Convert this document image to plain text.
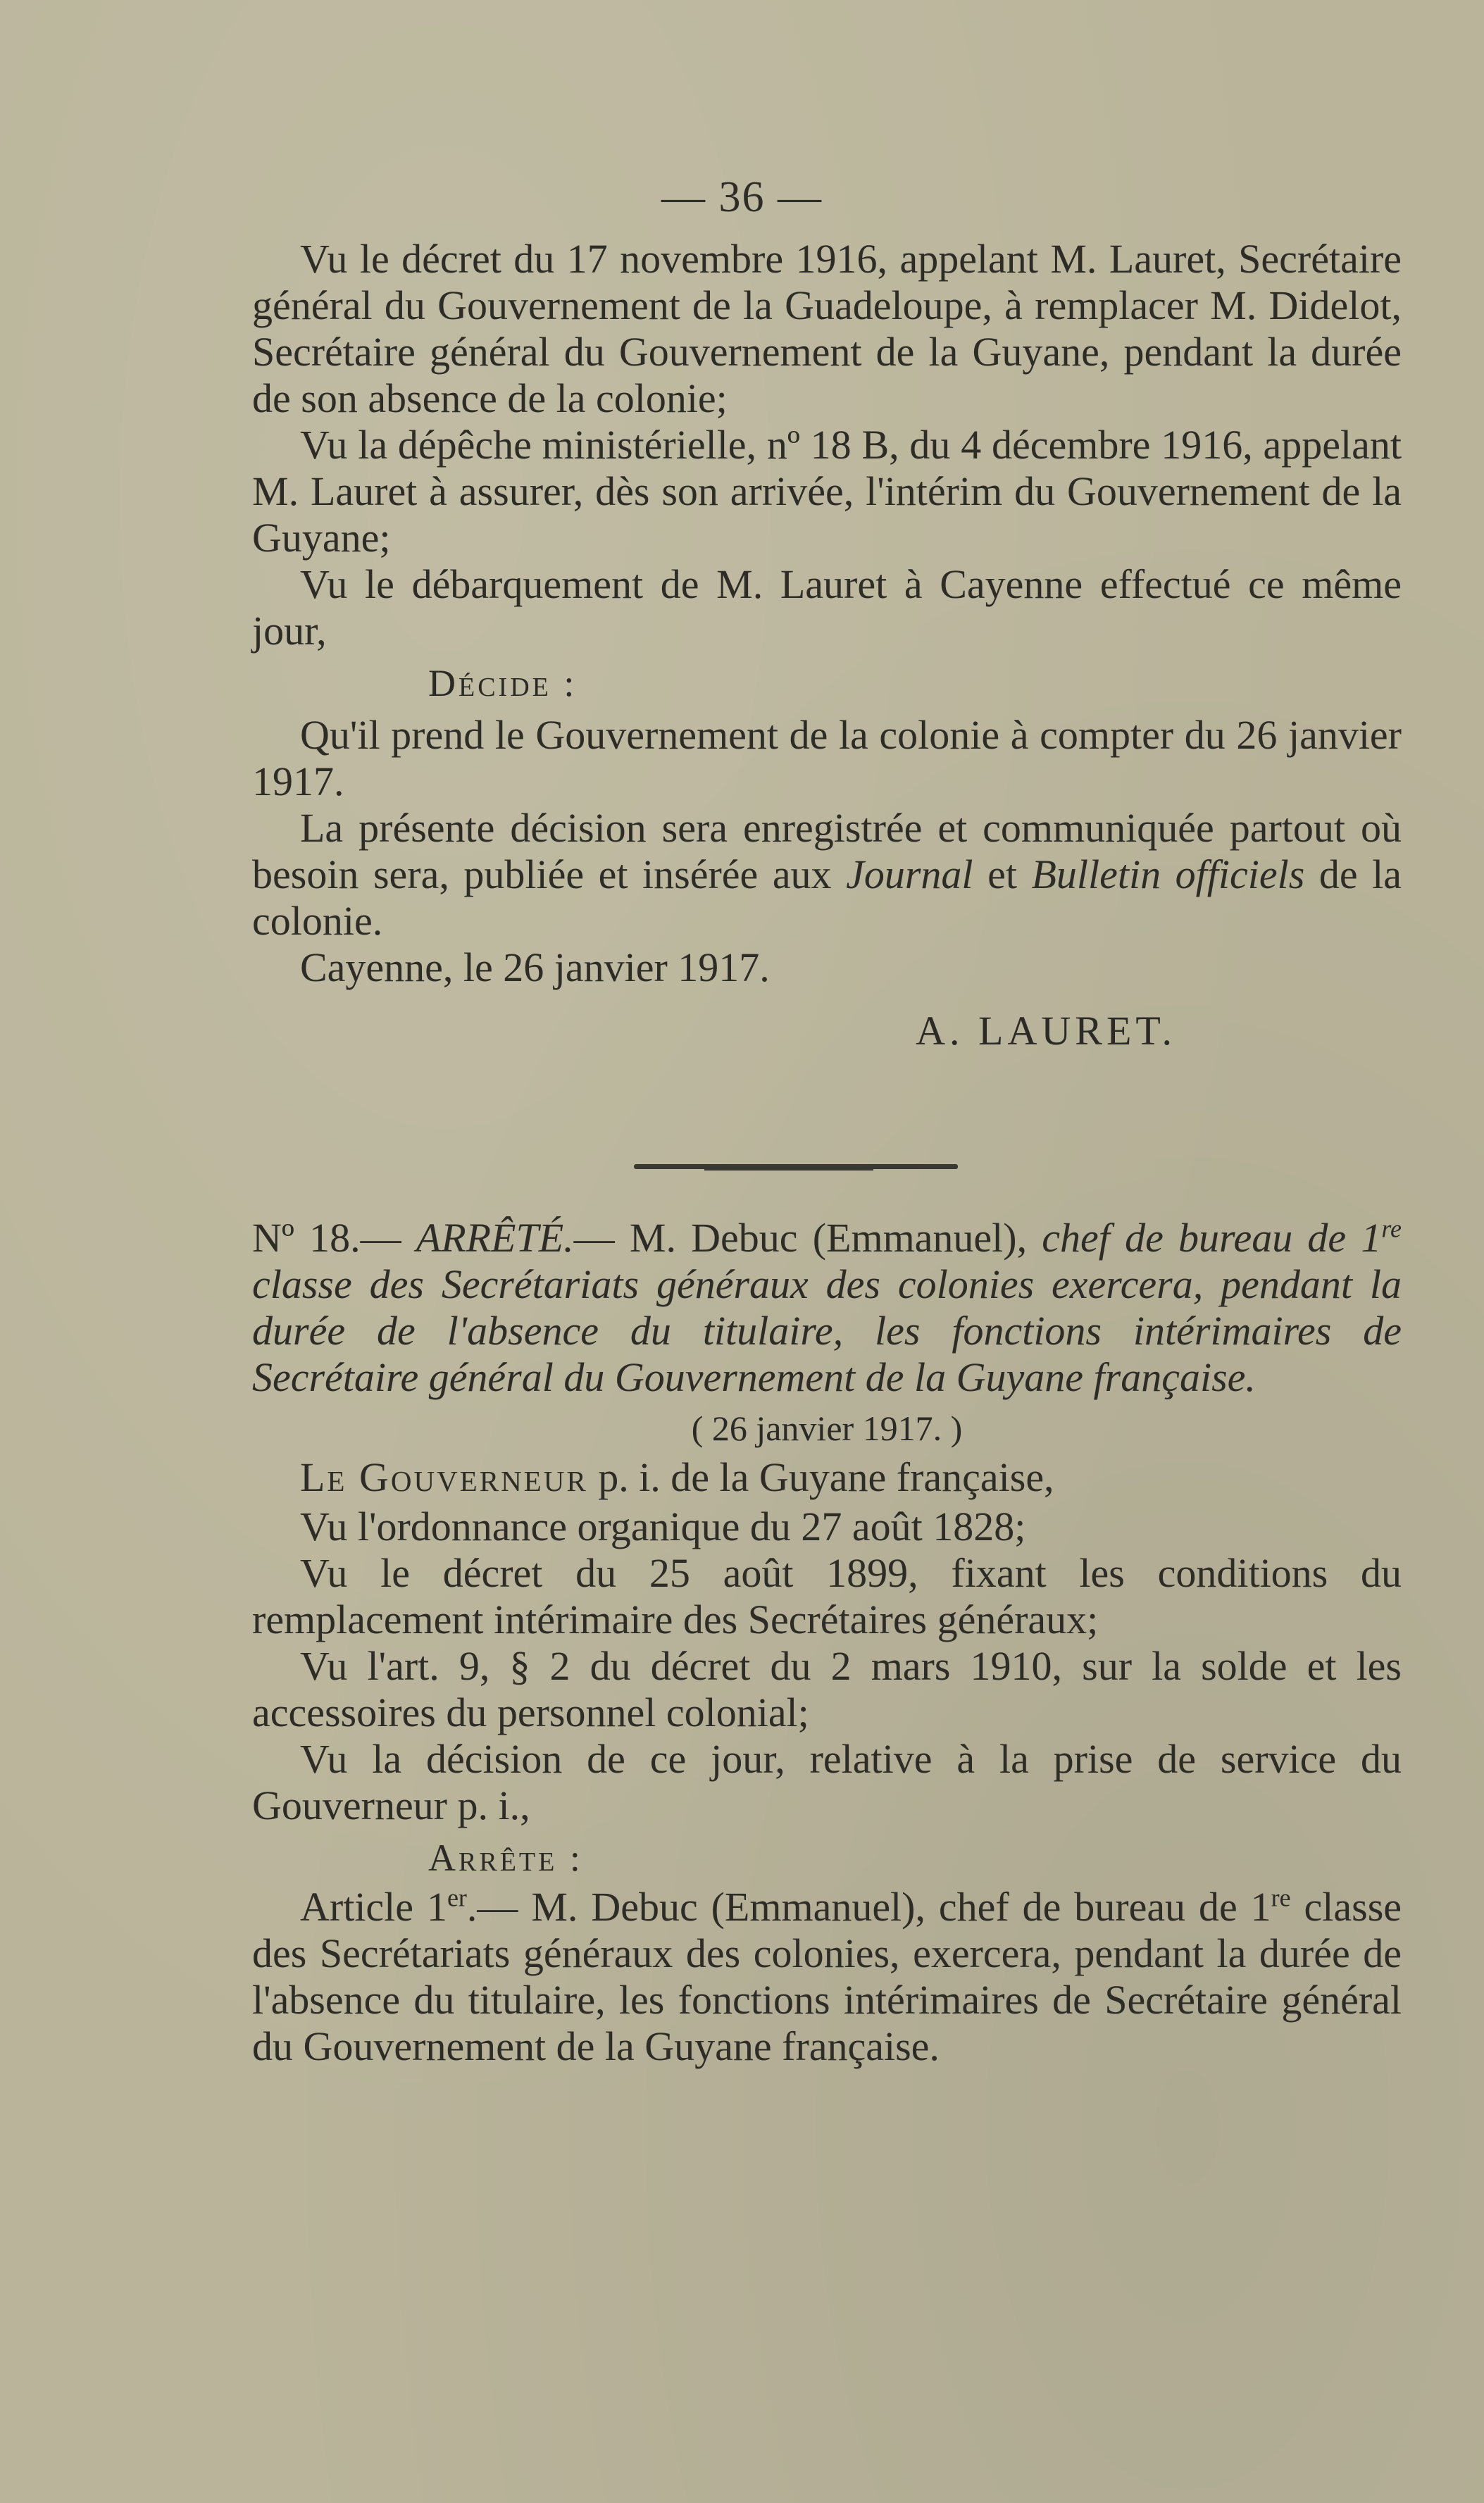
— 36 —

Vu le décret du 17 novembre 1916, appelant M. Lauret, Secrétaire général du Gouvernement de la Guadeloupe, à remplacer M. Didelot, Secrétaire général du Gouvernement de la Guyane, pendant la durée de son absence de la colonie;

Vu la dépêche ministérielle, nº 18 B, du 4 décembre 1916, appelant M. Lauret à assurer, dès son arrivée, l'intérim du Gouvernement de la Guyane;

Vu le débarquement de M. Lauret à Cayenne effectué ce même jour,

Décide :

Qu'il prend le Gouvernement de la colonie à compter du 26 janvier 1917.

La présente décision sera enregistrée et communiquée partout où besoin sera, publiée et insérée aux Journal et Bulletin officiels de la colonie.

Cayenne, le 26 janvier 1917.

A. LAURET.

Nº 18.— ARRÊTÉ.— M. Debuc (Emmanuel), chef de bureau de 1re classe des Secrétariats généraux des colonies exercera, pendant la durée de l'absence du titulaire, les fonctions intérimaires de Secrétaire général du Gouvernement de la Guyane française.

( 26 janvier 1917. )

Le Gouverneur p. i. de la Guyane française,

Vu l'ordonnance organique du 27 août 1828;

Vu le décret du 25 août 1899, fixant les conditions du remplacement intérimaire des Secrétaires généraux;

Vu l'art. 9, § 2 du décret du 2 mars 1910, sur la solde et les accessoires du personnel colonial;

Vu la décision de ce jour, relative à la prise de service du Gouverneur p. i.,

Arrête :

Article 1er.— M. Debuc (Emmanuel), chef de bureau de 1re classe des Secrétariats généraux des colonies, exercera, pendant la durée de l'absence du titulaire, les fonctions intérimaires de Secrétaire général du Gouvernement de la Guyane française.
